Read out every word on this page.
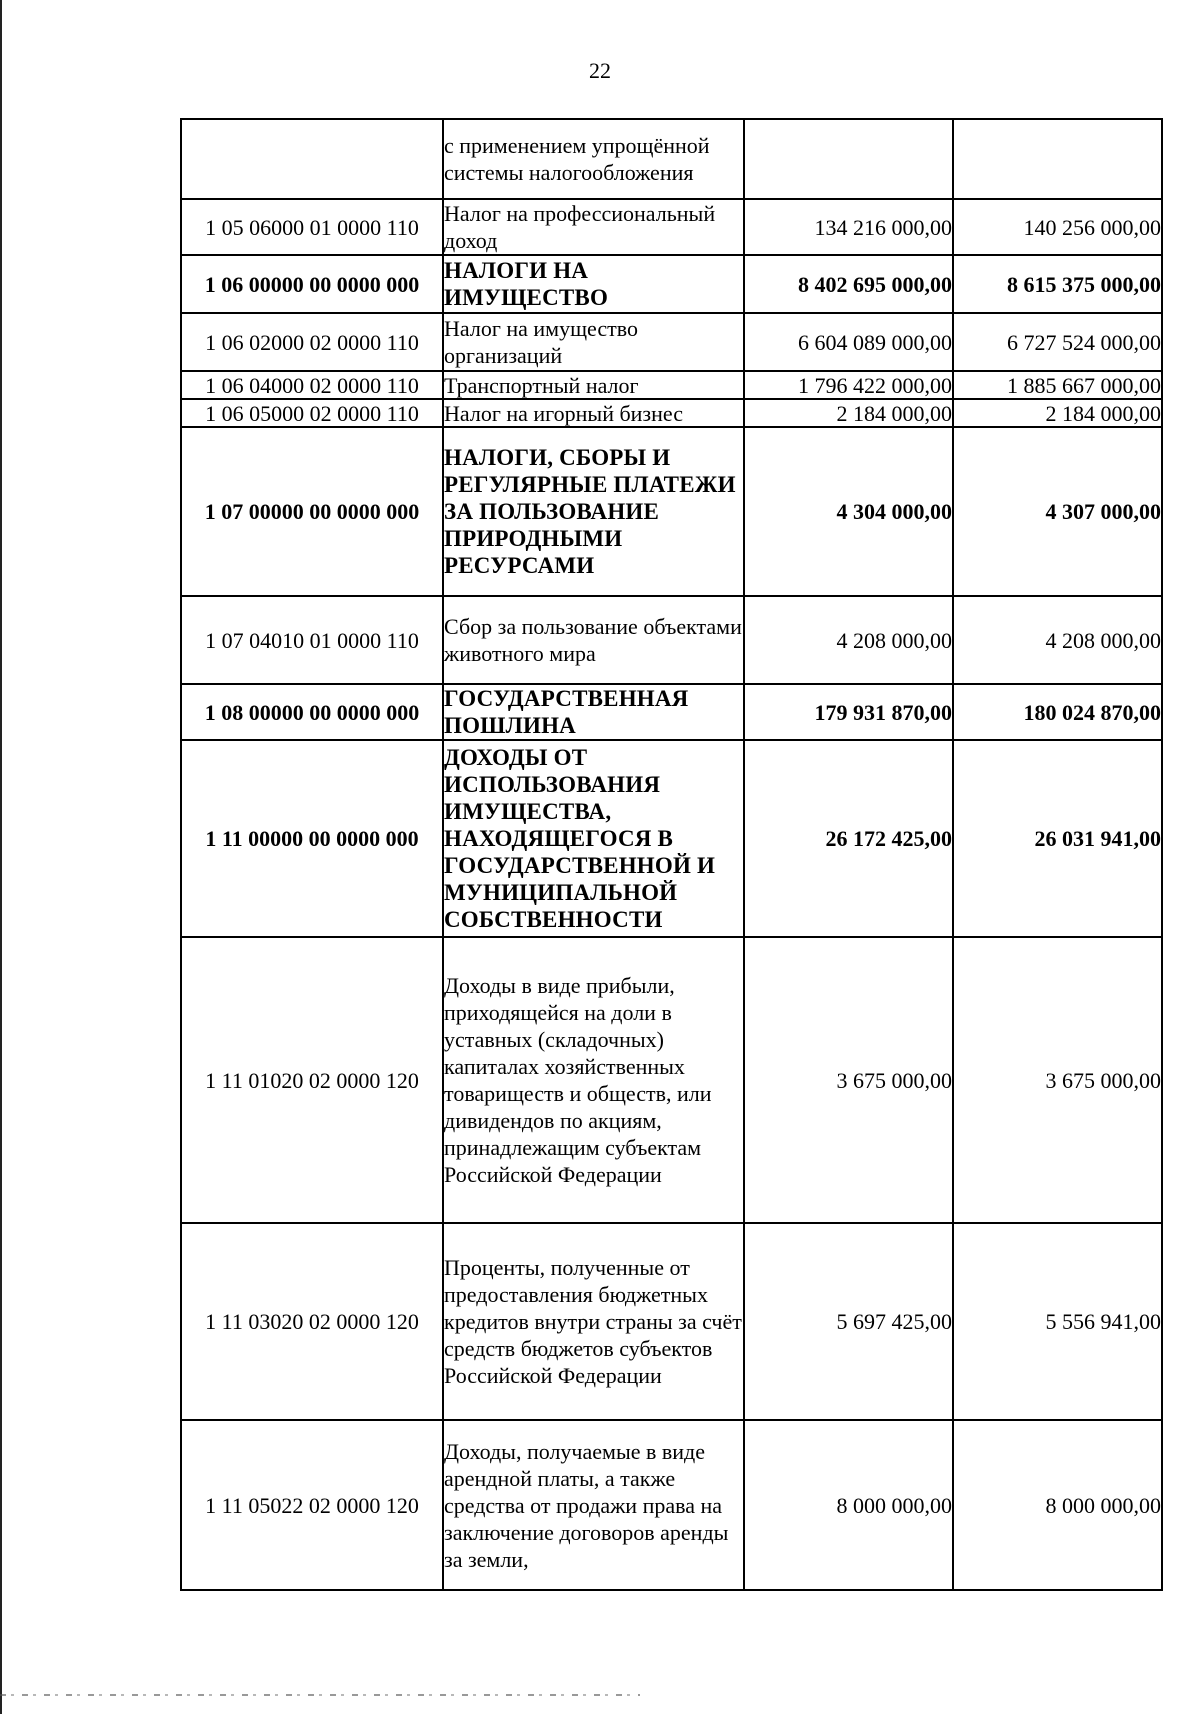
22
	с применением упрощённой системы налогообложения		
1 05 06000 01 0000 110	Налог на профессиональный доход	134 216 000,00	140 256 000,00
1 06 00000 00 0000 000	НАЛОГИ НА ИМУЩЕСТВО	8 402 695 000,00	8 615 375 000,00
1 06 02000 02 0000 110	Налог на имущество организаций	6 604 089 000,00	6 727 524 000,00
1 06 04000 02 0000 110	Транспортный налог	1 796 422 000,00	1 885 667 000,00
1 06 05000 02 0000 110	Налог на игорный бизнес	2 184 000,00	2 184 000,00
1 07 00000 00 0000 000	НАЛОГИ, СБОРЫ И РЕГУЛЯРНЫЕ ПЛАТЕЖИ ЗА ПОЛЬЗОВАНИЕ ПРИРОДНЫМИ РЕСУРСАМИ	4 304 000,00	4 307 000,00
1 07 04010 01 0000 110	Сбор за пользование объектами животного мира	4 208 000,00	4 208 000,00
1 08 00000 00 0000 000	ГОСУДАРСТВЕННАЯ ПОШЛИНА	179 931 870,00	180 024 870,00
1 11 00000 00 0000 000	ДОХОДЫ ОТ ИСПОЛЬЗОВАНИЯ ИМУЩЕСТВА, НАХОДЯЩЕГОСЯ В ГОСУДАРСТВЕННОЙ И МУНИЦИПАЛЬНОЙ СОБСТВЕННОСТИ	26 172 425,00	26 031 941,00
1 11 01020 02 0000 120	Доходы в виде прибыли, приходящейся на доли в уставных (складочных) капиталах хозяйственных товариществ и обществ, или дивидендов по акциям, принадлежащим субъектам Российской Федерации	3 675 000,00	3 675 000,00
1 11 03020 02 0000 120	Проценты, полученные от предоставления бюджетных кредитов внутри страны за счёт средств бюджетов субъектов Российской Федерации	5 697 425,00	5 556 941,00
1 11 05022 02 0000 120	Доходы, получаемые в виде арендной платы, а также средства от продажи права на заключение договоров аренды за земли,	8 000 000,00	8 000 000,00
